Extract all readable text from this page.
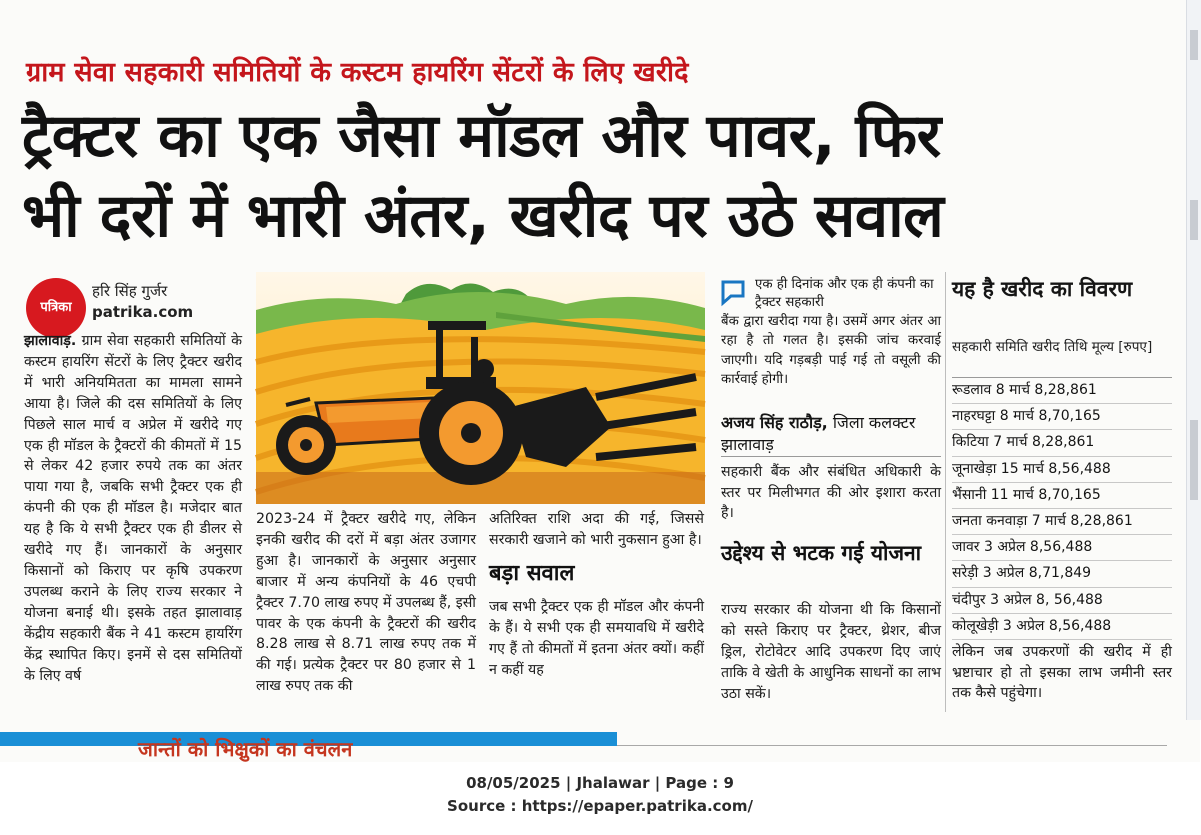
ग्राम सेवा सहकारी समितियों के कस्टम हायरिंग सेंटरों के लिए खरीदे
ट्रैक्टर का एक जैसा मॉडल और पावर, फिर
भी दरों में भारी अंतर, खरीद पर उठे सवाल
पत्रिका
हरि सिंह गुर्जर
patrika.com
झालावाड़. ग्राम सेवा सहकारी समितियों के कस्टम हायरिंग सेंटरों के लिए ट्रैक्टर खरीद में भारी अनियमितता का मामला सामने आया है। जिले की दस समितियों के लिए पिछले साल मार्च व अप्रेल में खरीदे गए एक ही मॉडल के ट्रैक्टरों की कीमतों में 15 से लेकर 42 हजार रुपये तक का अंतर पाया गया है, जबकि सभी ट्रैक्टर एक ही कंपनी की एक ही मॉडल है। मजेदार बात यह है कि ये सभी ट्रैक्टर एक ही डीलर से खरीदे गए हैं। जानकारों के अनुसार किसानों को किराए पर कृषि उपकरण उपलब्ध कराने के लिए राज्य सरकार ने योजना बनाई थी। इसके तहत झालावाड़ केंद्रीय सहकारी बैंक ने 41 कस्टम हायरिंग केंद्र स्थापित किए। इनमें से दस समितियों के लिए वर्ष
2023-24 में ट्रैक्टर खरीदे गए, लेकिन इनकी खरीद की दरों में बड़ा अंतर उजागर हुआ है। जानकारों के अनुसार अनुसार बाजार में अन्य कंपनियों के 46 एचपी ट्रैक्टर 7.70 लाख रुपए में उपलब्ध हैं, इसी पावर के एक कंपनी के ट्रैक्टरों की खरीद 8.28 लाख से 8.71 लाख रुपए तक में की गई। प्रत्येक ट्रैक्टर पर 80 हजार से 1 लाख रुपए तक की
अतिरिक्त राशि अदा की गई, जिससे सरकारी खजाने को भारी नुकसान हुआ है।
बड़ा सवाल
जब सभी ट्रैक्टर एक ही मॉडल और कंपनी के हैं। ये सभी एक ही समयावधि में खरीदे गए हैं तो कीमतों में इतना अंतर क्यों। कहीं न कहीं यह
एक ही दिनांक और एक ही कंपनी का ट्रैक्टर सहकारी
बैंक द्वारा खरीदा गया है। उसमें अगर अंतर आ रहा है तो गलत है। इसकी जांच करवाई जाएगी। यदि गड़बड़ी पाई गई तो वसूली की कार्रवाई होगी।
अजय सिंह राठौड़, जिला कलक्टर झालावाड़
सहकारी बैंक और संबंधित अधिकारी के स्तर पर मिलीभगत की ओर इशारा करता है।
उद्देश्य से भटक गई योजना
राज्य सरकार की योजना थी कि किसानों को सस्ते किराए पर ट्रैक्टर, थ्रेशर, बीज ड्रिल, रोटोवेटर आदि उपकरण दिए जाएं ताकि वे खेती के आधुनिक साधनों का लाभ उठा सकें।
यह है खरीद का विवरण
सहकारी समिति खरीद तिथि मूल्य [रुपए]
रूडलाव 8 मार्च 8,28,861
नाहरघट्टा 8 मार्च 8,70,165
किटिया 7 मार्च 8,28,861
जूनाखेड़ा 15 मार्च 8,56,488
भैंसानी 11 मार्च 8,70,165
जनता कनवाड़ा 7 मार्च 8,28,861
जावर 3 अप्रेल 8,56,488
सरेड़ी 3 अप्रेल 8,71,849
चंदीपुर 3 अप्रेल 8, 56,488
कोलूखेड़ी 3 अप्रेल 8,56,488
लेकिन जब उपकरणों की खरीद में ही भ्रष्टाचार हो तो इसका लाभ जमीनी स्तर तक कैसे पहुंचेगा।
जान्तों को भिक्षुकों का वंचलन
08/05/2025 | Jhalawar | Page : 9
Source : https://epaper.patrika.com/
